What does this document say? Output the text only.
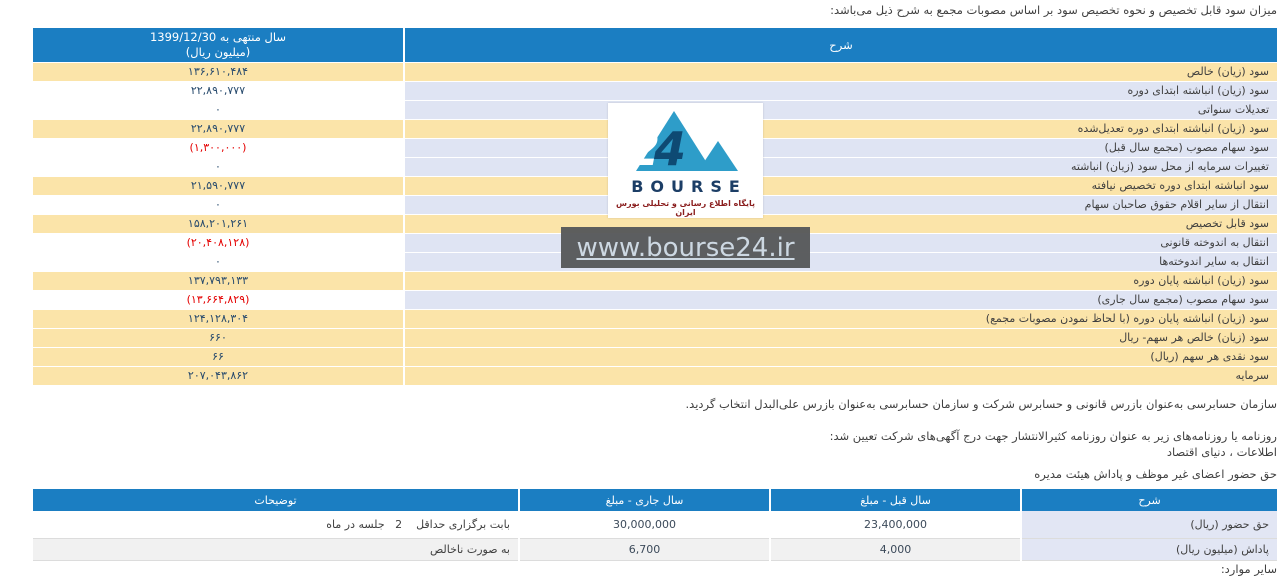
میزان سود قابل تخصیص و نحوه تخصیص سود بر اساس مصوبات مجمع به شرح ذیل می‌باشد:
شرح
سال منتهی به 1399/12/30
(میلیون ریال)
سود (زیان) خالص
۱۳۶,۶۱۰,۴۸۴
سود (زیان) انباشته ابتدای دوره
۲۲,۸۹۰,۷۷۷
تعدیلات سنواتی
۰
سود (زیان) انباشته ابتدای دوره تعدیل‌شده
۲۲,۸۹۰,۷۷۷
سود سهام مصوب (مجمع سال قبل)
(۱,۳۰۰,۰۰۰)
تغییرات سرمایه از محل سود (زیان) انباشته
۰
سود انباشته ابتدای دوره تخصیص نیافته
۲۱,۵۹۰,۷۷۷
انتقال از سایر اقلام حقوق صاحبان سهام
۰
سود قابل تخصیص
۱۵۸,۲۰۱,۲۶۱
انتقال به اندوخته قانونی
(۲۰,۴۰۸,۱۲۸)
انتقال به سایر اندوخته‌ها
۰
سود (زیان) انباشته پایان دوره
۱۳۷,۷۹۳,۱۳۳
سود سهام مصوب (مجمع سال جاری)
(۱۳,۶۶۴,۸۲۹)
سود (زیان) انباشته پایان دوره (با لحاظ نمودن مصوبات مجمع)
۱۲۴,۱۲۸,۳۰۴
سود (زیان) خالص هر سهم- ریال
۶۶۰
سود نقدی هر سهم (ریال)
۶۶
سرمایه
۲۰۷,۰۴۳,۸۶۲
2
4
BOURSE
پایگاه اطلاع رسانی و تحلیلی بورس ایران
www.bourse24.ir
سازمان حسابرسی به‌عنوان بازرس قانونی و حسابرس شرکت و سازمان حسابرسی به‌عنوان بازرس علی‌البدل انتخاب گردید.
روزنامه یا روزنامه‌های زیر به عنوان روزنامه کثیرالانتشار جهت درج آگهی‌های شرکت تعیین شد:
اطلاعات ، دنیای اقتصاد
حق حضور اعضای غیر موظف و پاداش هیئت مدیره
شرح
سال قبل - مبلغ
سال جاری - مبلغ
توضیحات
حق حضور (ریال)
23,400,000
30,000,000
بابت برگزاری حداقل    2   جلسه در ماه
پاداش (میلیون ریال)
4,000
6,700
به صورت ناخالص
سایر موارد:
